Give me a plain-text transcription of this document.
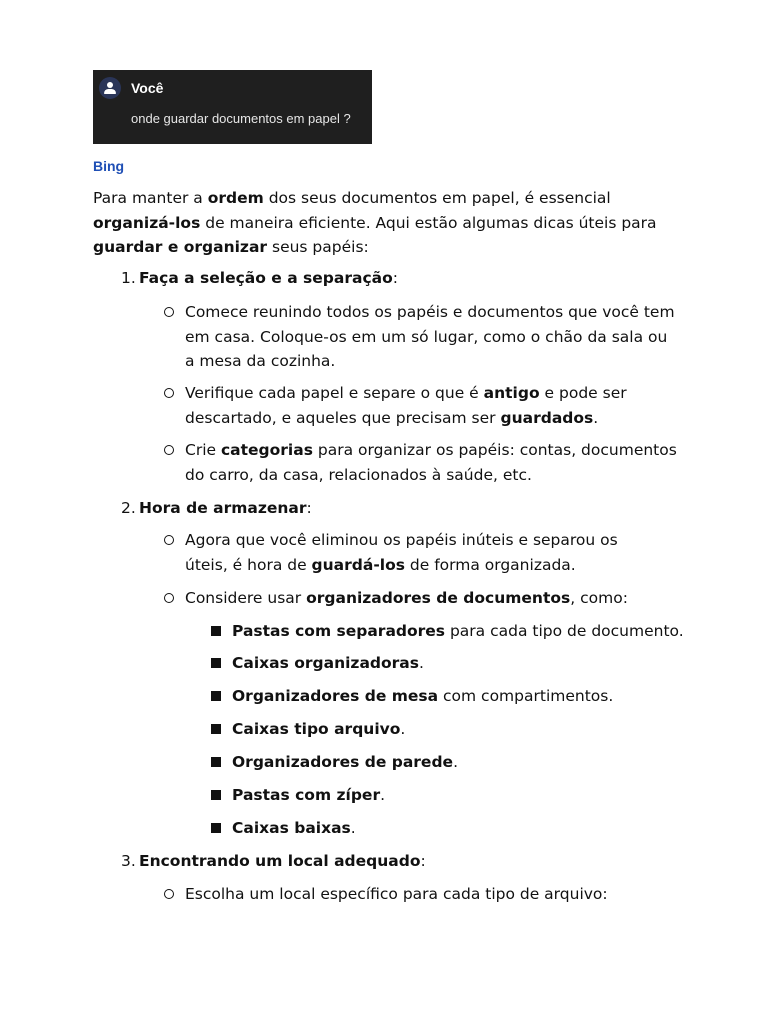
Você
onde guardar documentos em papel ?
Bing

Para manter a ordem dos seus documentos em papel, é essencial organizá-los de maneira eficiente. Aqui estão algumas dicas úteis para guardar e organizar seus papéis:

1. Faça a seleção e a separação:

Comece reunindo todos os papéis e documentos que você tem em casa. Coloque-os em um só lugar, como o chão da sala ou a mesa da cozinha.

Verifique cada papel e separe o que é antigo e pode ser descartado, e aqueles que precisam ser guardados.

Crie categorias para organizar os papéis: contas, documentos do carro, da casa, relacionados à saúde, etc.

2. Hora de armazenar:

Agora que você eliminou os papéis inúteis e separou os úteis, é hora de guardá-los de forma organizada.

Considere usar organizadores de documentos, como:

Pastas com separadores para cada tipo de documento.

Caixas organizadoras.

Organizadores de mesa com compartimentos.

Caixas tipo arquivo.

Organizadores de parede.

Pastas com zíper.

Caixas baixas.

3. Encontrando um local adequado:

Escolha um local específico para cada tipo de arquivo:
